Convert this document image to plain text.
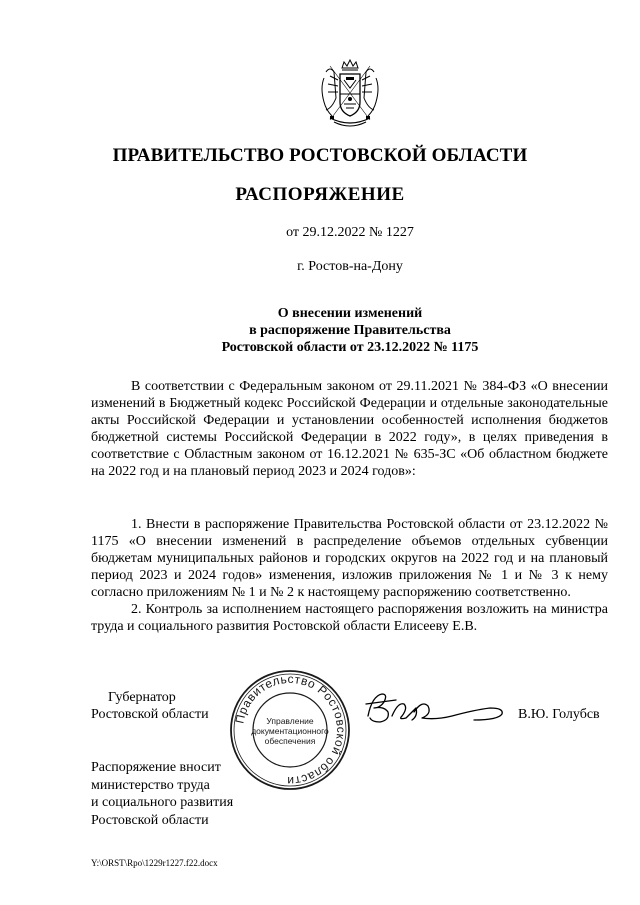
ПРАВИТЕЛЬСТВО РОСТОВСКОЙ ОБЛАСТИ
РАСПОРЯЖЕНИЕ
от 29.12.2022 № 1227
г. Ростов-на-Дону
О внесении изменений
в распоряжение Правительства
Ростовской области от 23.12.2022 № 1175

В соответствии с Федеральным законом от 29.11.2021 № 384-ФЗ «О внесении изменений в Бюджетный кодекс Российской Федерации и отдельные законодательные акты Российской Федерации и установлении особенностей исполнения бюджетов бюджетной системы Российской Федерации в 2022 году», в целях приведения в соответствие с Областным законом от 16.12.2021 № 635-ЗС «Об областном бюджете на 2022 год и на плановый период 2023 и 2024 годов»:

1. Внести в распоряжение Правительства Ростовской области от 23.12.2022 № 1175 «О внесении изменений в распределение объемов отдельных субвенции бюджетам муниципальных районов и городских округов на 2022 год и на плановый период 2023 и 2024 годов» изменения, изложив приложения № 1 и № 3 к нему согласно приложениям № 1 и № 2 к настоящему распоряжению соответственно.

2. Контроль за исполнением настоящего распоряжения возложить на министра труда и социального развития Ростовской области Елисееву Е.В.

Губернатор
Ростовской области Правительство Ростовской области
Управление
документационного
обеспечения
В.Ю. Голубсв
Распоряжение вносит
министерство труда
и социального развития
Ростовской области
Y:\ORST\Rpo\1229r1227.f22.docx
